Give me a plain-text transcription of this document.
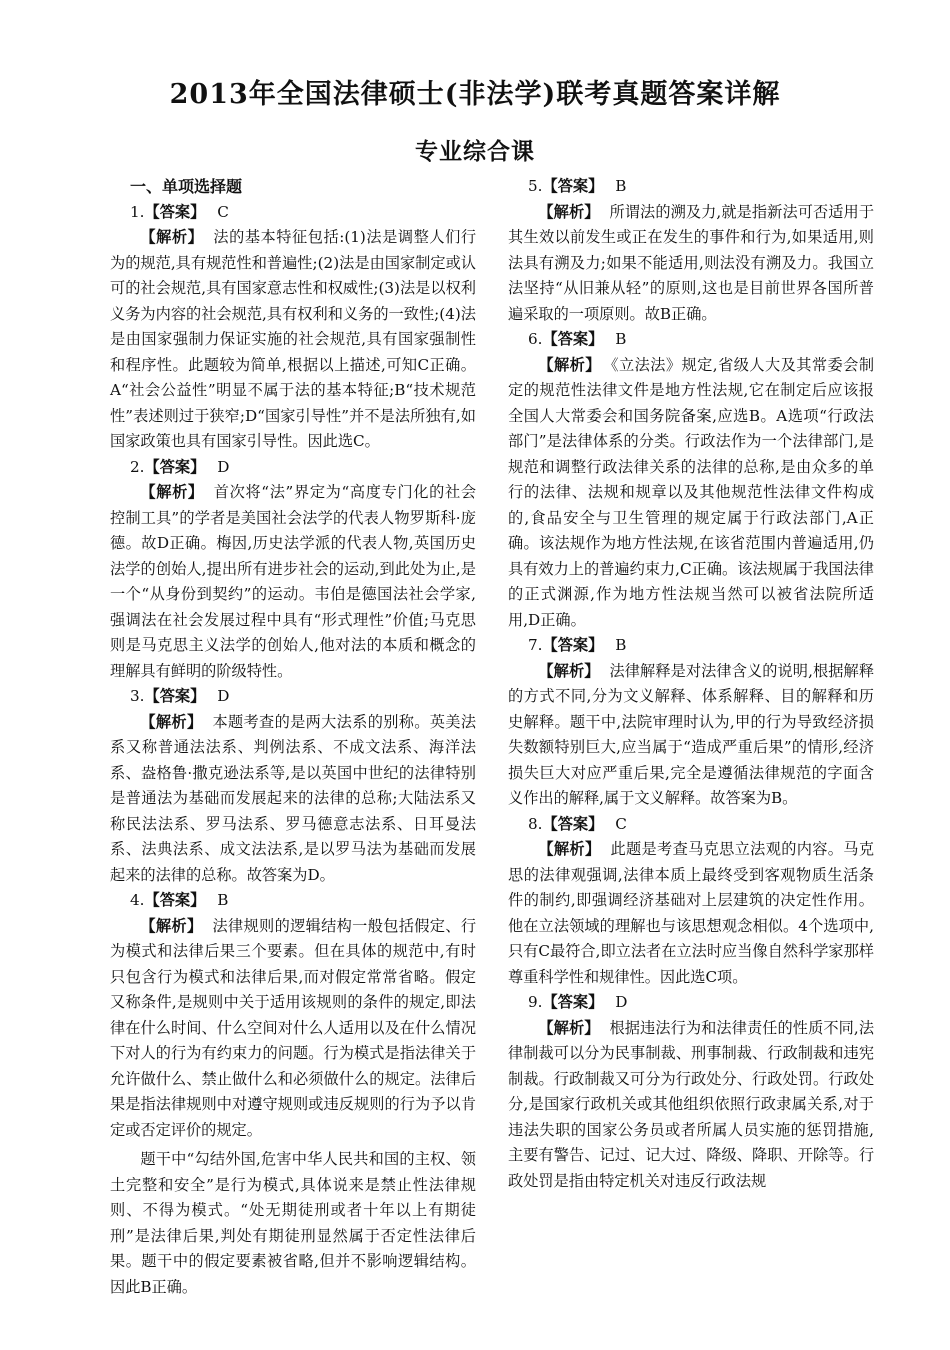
2013年全国法律硕士(非法学)联考真题答案详解
专业综合课
一、单项选择题
1.【答案】 C

【解析】 法的基本特征包括:(1)法是调整人们行为的规范,具有规范性和普遍性;(2)法是由国家制定或认可的社会规范,具有国家意志性和权威性;(3)法是以权利义务为内容的社会规范,具有权利和义务的一致性;(4)法是由国家强制力保证实施的社会规范,具有国家强制性和程序性。此题较为简单,根据以上描述,可知C正确。A“社会公益性”明显不属于法的基本特征;B“技术规范性”表述则过于狭窄;D“国家引导性”并不是法所独有,如国家政策也具有国家引导性。因此选C。

2.【答案】 D

【解析】 首次将“法”界定为“高度专门化的社会控制工具”的学者是美国社会法学的代表人物罗斯科·庞德。故D正确。梅因,历史法学派的代表人物,英国历史法学的创始人,提出所有进步社会的运动,到此处为止,是一个“从身份到契约”的运动。韦伯是德国法社会学家,强调法在社会发展过程中具有“形式理性”价值;马克思则是马克思主义法学的创始人,他对法的本质和概念的理解具有鲜明的阶级特性。

3.【答案】 D

【解析】 本题考查的是两大法系的别称。英美法系又称普通法法系、判例法系、不成文法系、海洋法系、盎格鲁·撒克逊法系等,是以英国中世纪的法律特别是普通法为基础而发展起来的法律的总称;大陆法系又称民法法系、罗马法系、罗马德意志法系、日耳曼法系、法典法系、成文法法系,是以罗马法为基础而发展起来的法律的总称。故答案为D。

4.【答案】 B

【解析】 法律规则的逻辑结构一般包括假定、行为模式和法律后果三个要素。但在具体的规范中,有时只包含行为模式和法律后果,而对假定常常省略。假定又称条件,是规则中关于适用该规则的条件的规定,即法律在什么时间、什么空间对什么人适用以及在什么情况下对人的行为有约束力的问题。行为模式是指法律关于允许做什么、禁止做什么和必须做什么的规定。法律后果是指法律规则中对遵守规则或违反规则的行为予以肯定或否定评价的规定。

题干中“勾结外国,危害中华人民共和国的主权、领土完整和安全”是行为模式,具体说来是禁止性法律规则、不得为模式。“处无期徒刑或者十年以上有期徒刑”是法律后果,判处有期徒刑显然属于否定性法律后果。题干中的假定要素被省略,但并不影响逻辑结构。因此B正确。

5.【答案】 B

【解析】 所谓法的溯及力,就是指新法可否适用于其生效以前发生或正在发生的事件和行为,如果适用,则法具有溯及力;如果不能适用,则法没有溯及力。我国立法坚持“从旧兼从轻”的原则,这也是目前世界各国所普遍采取的一项原则。故B正确。

6.【答案】 B

【解析】 《立法法》规定,省级人大及其常委会制定的规范性法律文件是地方性法规,它在制定后应该报全国人大常委会和国务院备案,应选B。A选项“行政法部门”是法律体系的分类。行政法作为一个法律部门,是规范和调整行政法律关系的法律的总称,是由众多的单行的法律、法规和规章以及其他规范性法律文件构成的,食品安全与卫生管理的规定属于行政法部门,A正确。该法规作为地方性法规,在该省范围内普遍适用,仍具有效力上的普遍约束力,C正确。该法规属于我国法律的正式渊源,作为地方性法规当然可以被省法院所适用,D正确。

7.【答案】 B

【解析】 法律解释是对法律含义的说明,根据解释的方式不同,分为文义解释、体系解释、目的解释和历史解释。题干中,法院审理时认为,甲的行为导致经济损失数额特别巨大,应当属于“造成严重后果”的情形,经济损失巨大对应严重后果,完全是遵循法律规范的字面含义作出的解释,属于文义解释。故答案为B。

8.【答案】 C

【解析】 此题是考查马克思立法观的内容。马克思的法律观强调,法律本质上最终受到客观物质生活条件的制约,即强调经济基础对上层建筑的决定性作用。他在立法领域的理解也与该思想观念相似。4个选项中,只有C最符合,即立法者在立法时应当像自然科学家那样尊重科学性和规律性。因此选C项。

9.【答案】 D

【解析】 根据违法行为和法律责任的性质不同,法律制裁可以分为民事制裁、刑事制裁、行政制裁和违宪制裁。行政制裁又可分为行政处分、行政处罚。行政处分,是国家行政机关或其他组织依照行政隶属关系,对于违法失职的国家公务员或者所属人员实施的惩罚措施,主要有警告、记过、记大过、降级、降职、开除等。行政处罚是指由特定机关对违反行政法规
